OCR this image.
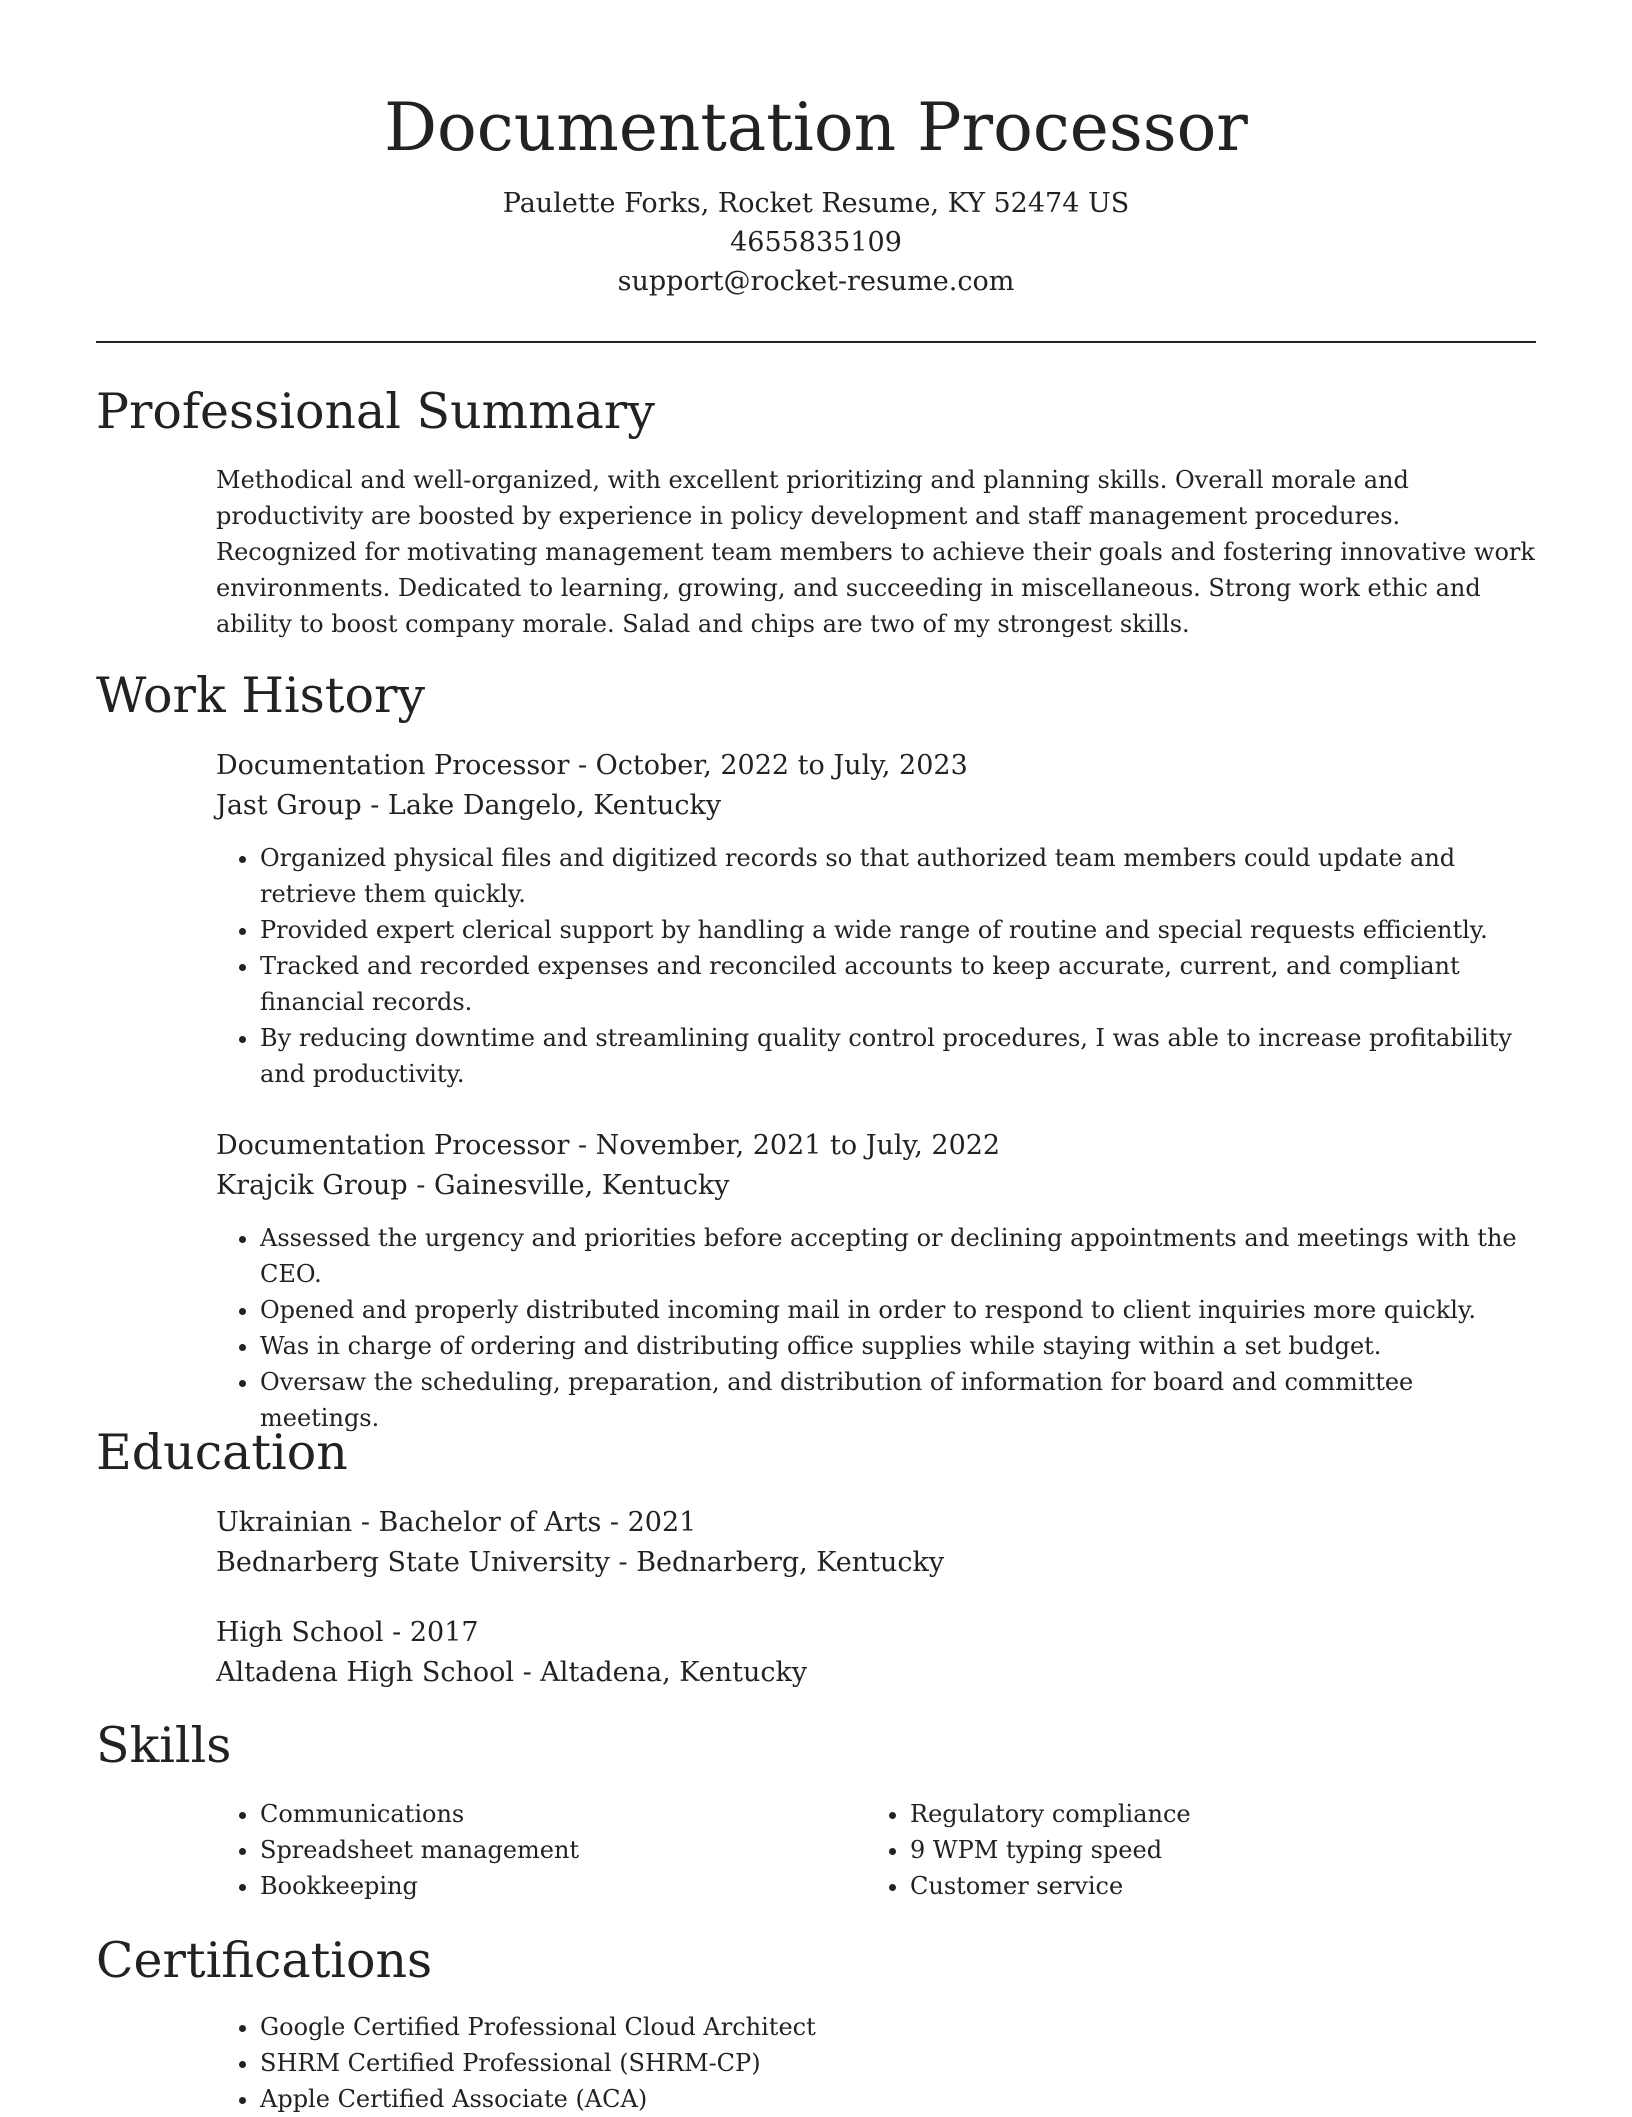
Documentation Processor
Paulette Forks, Rocket Resume, KY 52474 US
4655835109
support@rocket-resume.com
Professional Summary

Methodical and well-organized, with excellent prioritizing and planning skills. Overall morale and productivity are boosted by experience in policy development and staff management procedures. Recognized for motivating management team members to achieve their goals and fostering innovative work environments. Dedicated to learning, growing, and succeeding in miscellaneous. Strong work ethic and ability to boost company morale. Salad and chips are two of my strongest skills.

Work History
Documentation Processor - October, 2022 to July, 2023
Jast Group - Lake Dangelo, Kentucky
• Organized physical files and digitized records so that authorized team members could update and retrieve them quickly.
• Provided expert clerical support by handling a wide range of routine and special requests efficiently.
• Tracked and recorded expenses and reconciled accounts to keep accurate, current, and compliant financial records.
• By reducing downtime and streamlining quality control procedures, I was able to increase profitability and productivity.
Documentation Processor - November, 2021 to July, 2022
Krajcik Group - Gainesville, Kentucky
• Assessed the urgency and priorities before accepting or declining appointments and meetings with the CEO.
• Opened and properly distributed incoming mail in order to respond to client inquiries more quickly.
• Was in charge of ordering and distributing office supplies while staying within a set budget.
• Oversaw the scheduling, preparation, and distribution of information for board and committee meetings.
Education
Ukrainian - Bachelor of Arts - 2021
Bednarberg State University - Bednarberg, Kentucky
High School - 2017
Altadena High School - Altadena, Kentucky
Skills
• Communications
• Spreadsheet management
• Bookkeeping
• Regulatory compliance
• 9 WPM typing speed
• Customer service
Certifications
• Google Certified Professional Cloud Architect
• SHRM Certified Professional (SHRM-CP)
• Apple Certified Associate (ACA)
